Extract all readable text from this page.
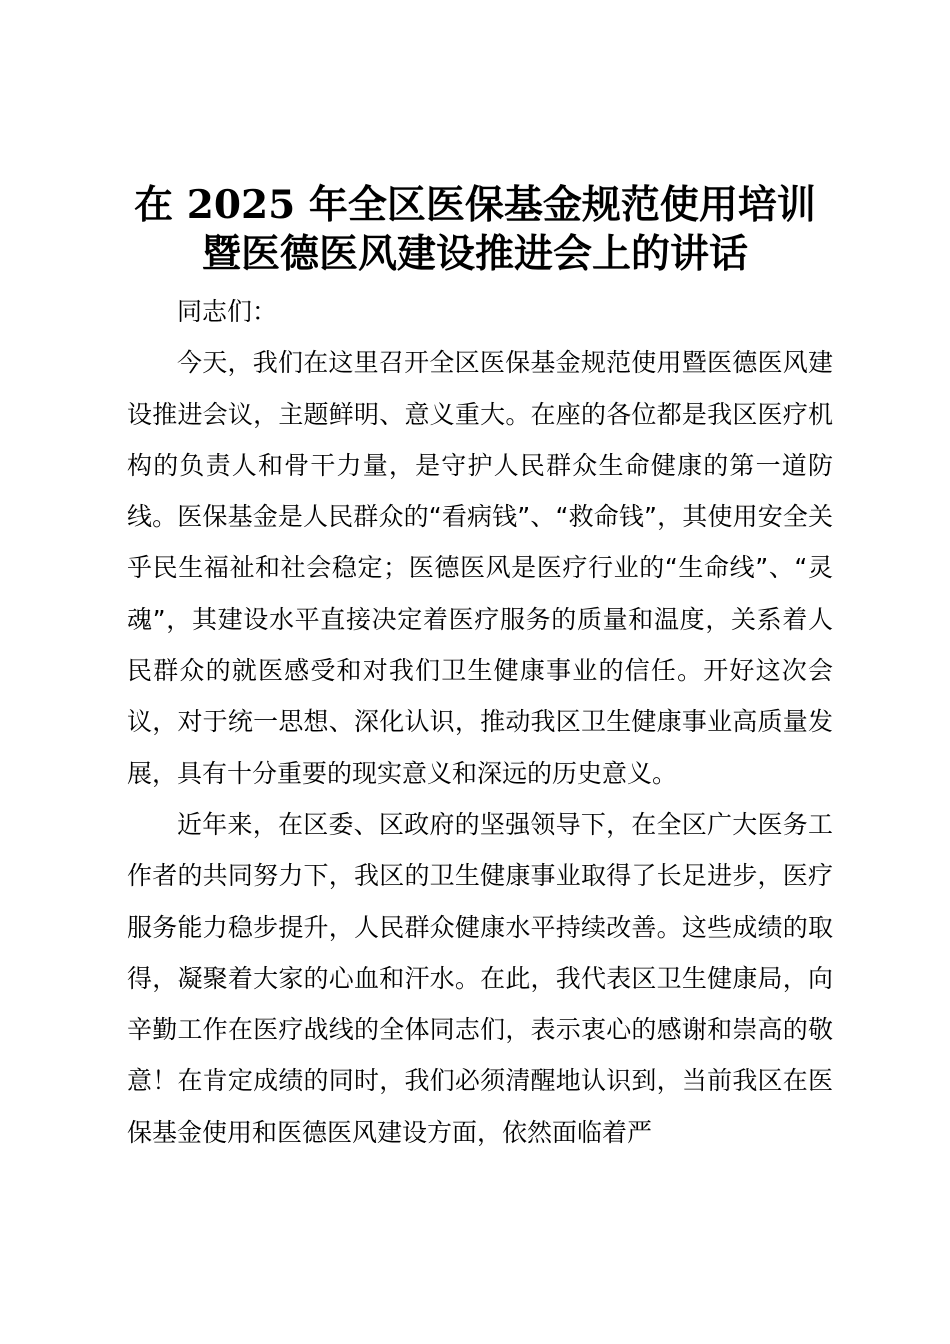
在 2025 年全区医保基金规范使用培训
暨医德医风建设推进会上的讲话

同志们：

今天，我们在这里召开全区医保基金规范使用暨医德医风建设推进会议，主题鲜明、意义重大。在座的各位都是我区医疗机构的负责人和骨干力量，是守护人民群众生命健康的第一道防线。医保基金是人民群众的“看病钱”、“救命钱”，其使用安全关乎民生福祉和社会稳定；医德医风是医疗行业的“生命线”、“灵魂”，其建设水平直接决定着医疗服务的质量和温度，关系着人民群众的就医感受和对我们卫生健康事业的信任。开好这次会议，对于统一思想、深化认识，推动我区卫生健康事业高质量发展，具有十分重要的现实意义和深远的历史意义。

近年来，在区委、区政府的坚强领导下，在全区广大医务工作者的共同努力下，我区的卫生健康事业取得了长足进步，医疗服务能力稳步提升，人民群众健康水平持续改善。这些成绩的取得，凝聚着大家的心血和汗水。在此，我代表区卫生健康局，向辛勤工作在医疗战线的全体同志们，表示衷心的感谢和崇高的敬意！在肯定成绩的同时，我们必须清醒地认识到，当前我区在医保基金使用和医德医风建设方面，依然面临着严
